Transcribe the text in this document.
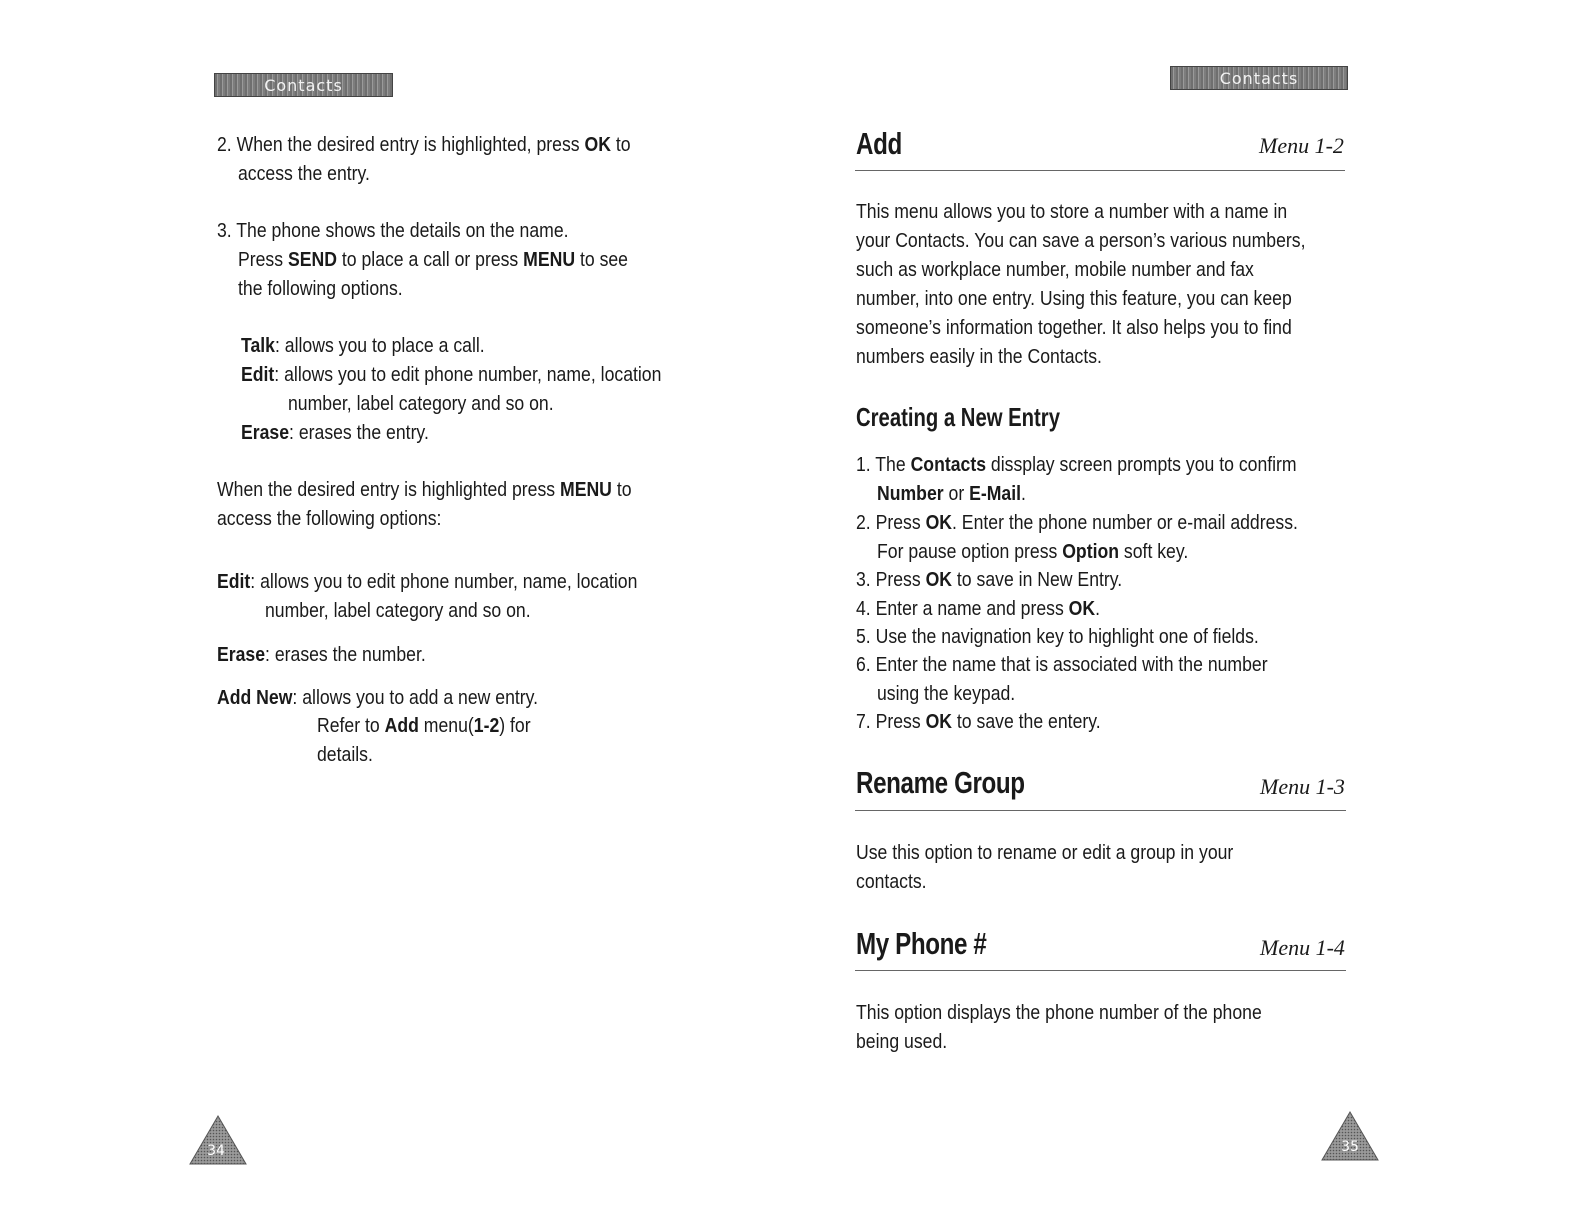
Contacts
2. When the desired entry is highlighted, press OK to
access the entry.
3. The phone shows the details on the name.
Press SEND to place a call or press MENU to see
the following options.
Talk: allows you to place a call.
Edit: allows you to edit phone number, name, location
number, label category and so on.
Erase: erases the entry.
When the desired entry is highlighted press MENU to
access the following options:
Edit: allows you to edit phone number, name, location
number, label category and so on.
Erase: erases the number.
Add New: allows you to add a new entry.
Refer to Add menu(1-2) for
details.
34
Contacts
Add	Menu 1-2
This menu allows you to store a number with a name in
your Contacts. You can save a person’s various numbers,
such as workplace number, mobile number and fax
number, into one entry. Using this feature, you can keep
someone’s information together. It also helps you to find
numbers easily in the Contacts.
Creating a New Entry
1. The Contacts dissplay screen prompts you to confirm
Number or E-Mail.
2. Press OK. Enter the phone number or e-mail address.
For pause option press Option soft key.
3. Press OK to save in New Entry.
4. Enter a name and press OK.
5. Use the navignation key to highlight one of fields.
6. Enter the name that is associated with the number
using the keypad.
7. Press OK to save the entery.
Rename Group	Menu 1-3
Use this option to rename or edit a group in your
contacts.
My Phone #	Menu 1-4
This option displays the phone number of the phone
being used.
35
